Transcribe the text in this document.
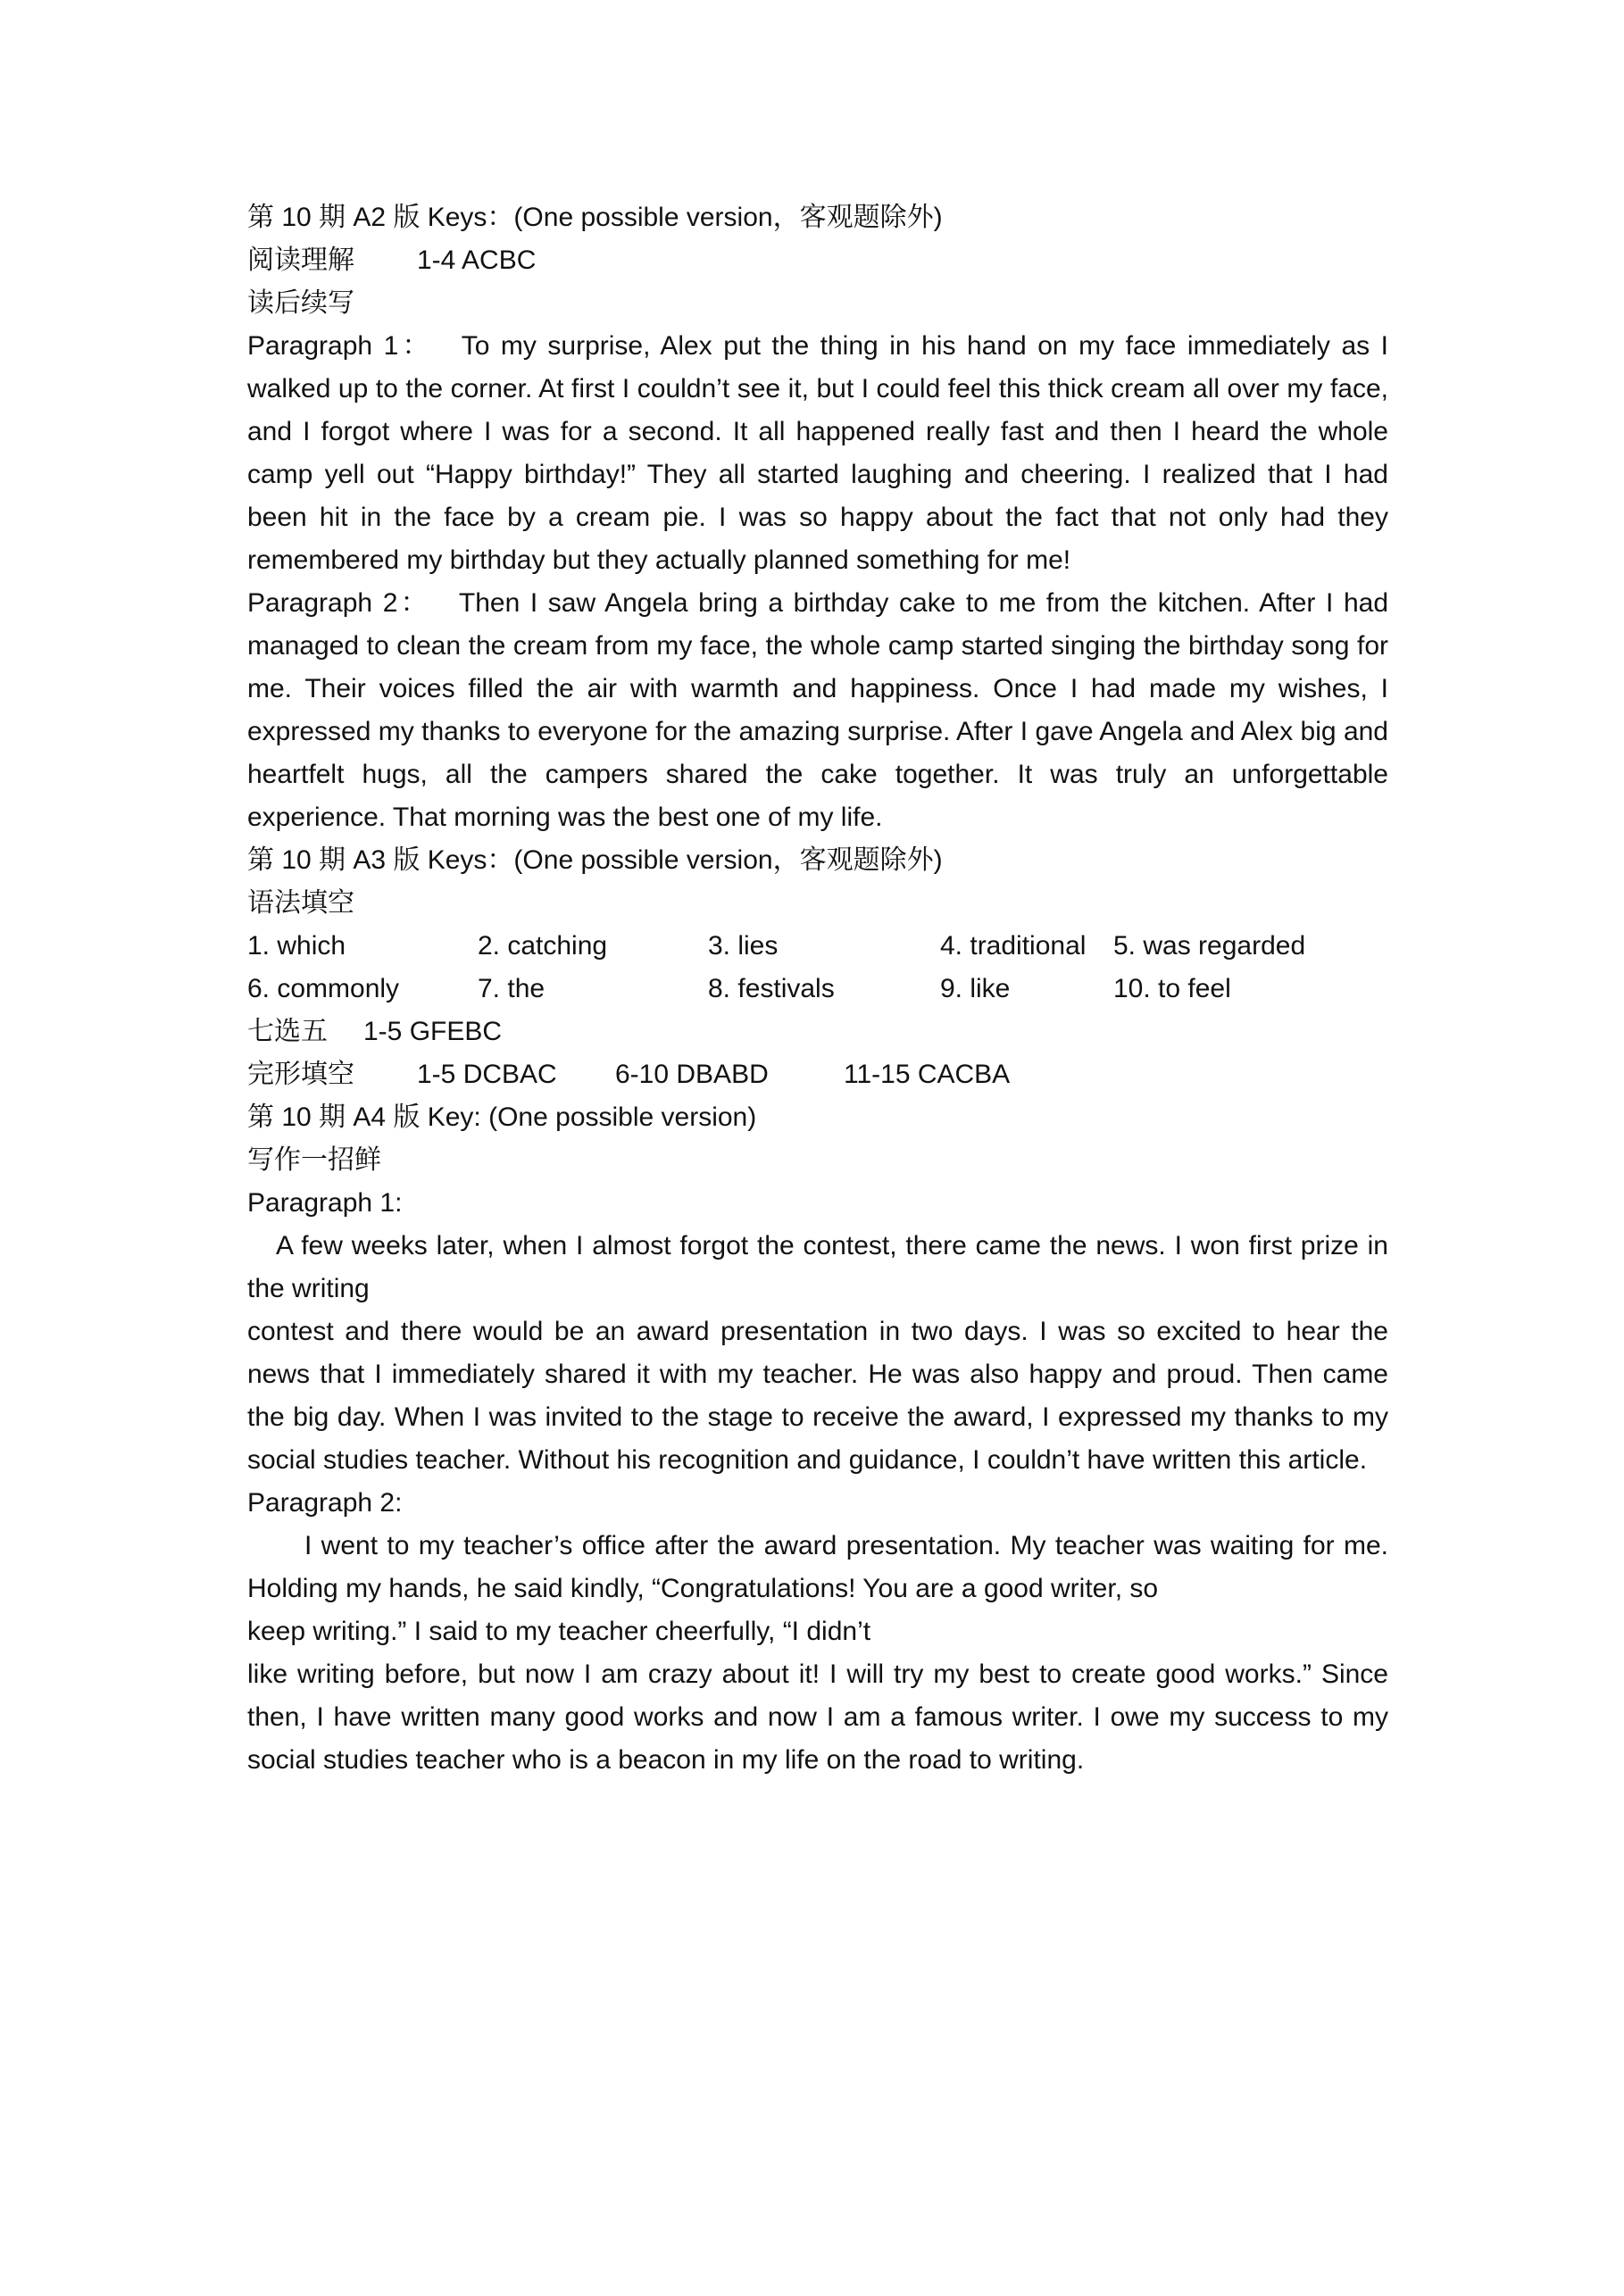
第 10 期 A2 版 Keys：(One possible version，客观题除外)
阅读理解 1-4 ACBC
读后续写

Paragraph 1： To my surprise, Alex put the thing in his hand on my face immediately as I walked up to the corner. At first I couldn’t see it, but I could feel this thick cream all over my face, and I forgot where I was for a second. It all happened really fast and then I heard the whole camp yell out “Happy birthday!” They all started laughing and cheering. I realized that I had been hit in the face by a cream pie. I was so happy about the fact that not only had they remembered my birthday but they actually planned something for me!

Paragraph 2： Then I saw Angela bring a birthday cake to me from the kitchen. After I had managed to clean the cream from my face, the whole camp started singing the birthday song for me. Their voices filled the air with warmth and happiness. Once I had made my wishes, I expressed my thanks to everyone for the amazing surprise. After I gave Angela and Alex big and heartfelt hugs, all the campers shared the cake together. It was truly an unforgettable experience. That morning was the best one of my life.

第 10 期 A3 版 Keys：(One possible version，客观题除外)
语法填空
1. which	2. catching	3. lies	4. traditional	5. was regarded
6. commonly	7. the	8. festivals	9. like	10. to feel
七选五 1-5 GFEBC
完形填空 1-5 DCBAC 6-10 DBABD	11-15 CACBA
第 10 期 A4 版 Key: (One possible version)
写作一招鲜
Paragraph 1:

A few weeks later, when I almost forgot the contest, there came the news. I won first prize in the writing

contest and there would be an award presentation in two days. I was so excited to hear the news that I immediately shared it with my teacher. He was also happy and proud. Then came the big day. When I was invited to the stage to receive the award, I expressed my thanks to my social studies teacher. Without his recognition and guidance, I couldn’t have written this article.

Paragraph 2:

I went to my teacher’s office after the award presentation. My teacher was waiting for me. Holding my hands, he said kindly, “Congratulations! You are a good writer, so

keep writing.” I said to my teacher cheerfully, “I didn’t

like writing before, but now I am crazy about it! I will try my best to create good works.” Since then, I have written many good works and now I am a famous writer. I owe my success to my social studies teacher who is a beacon in my life on the road to writing.
